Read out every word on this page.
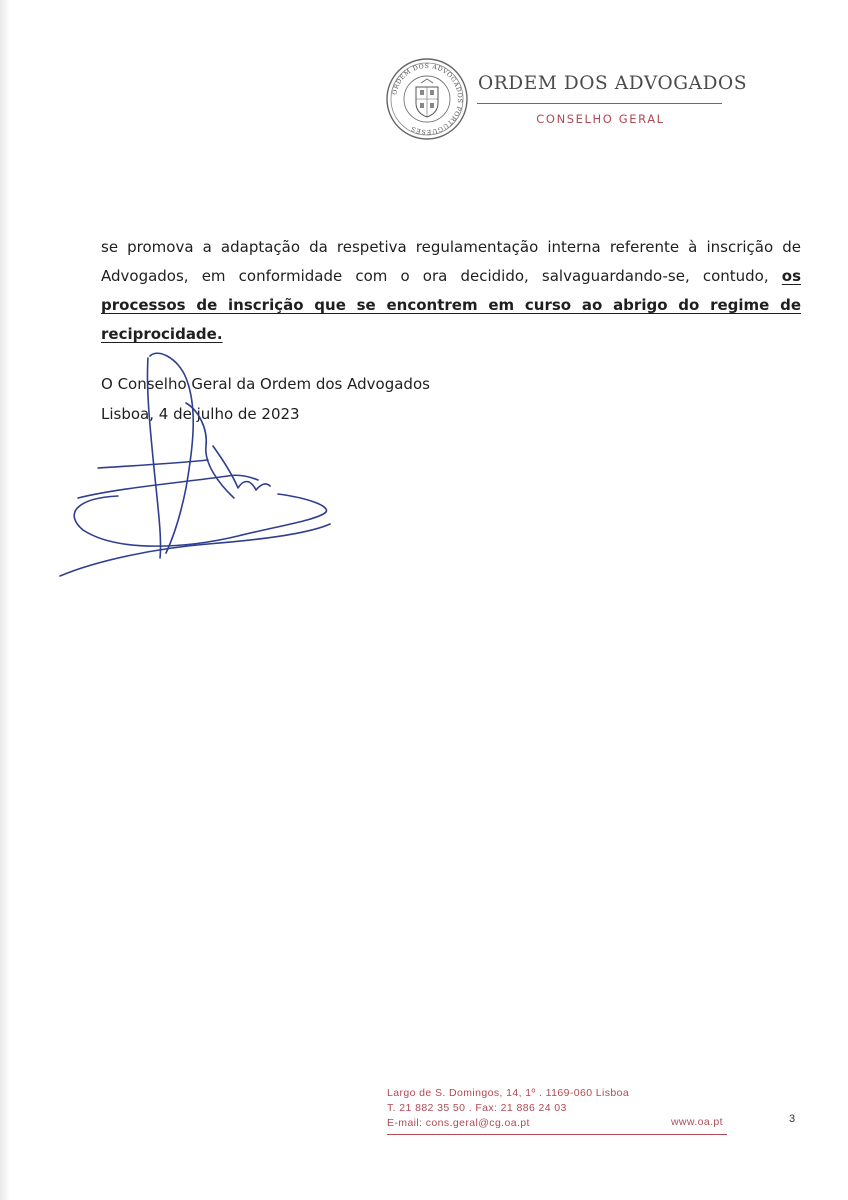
ORDEM DOS ADVOGADOS PORTUGUESES
ORDEM DOS ADVOGADOS
CONSELHO GERAL

se promova a adaptação da respetiva regulamentação interna referente à inscrição de Advogados, em conformidade com o ora decidido, salvaguardando-se, contudo, os processos de inscrição que se encontrem em curso ao abrigo do regime de reciprocidade.

O Conselho Geral da Ordem dos Advogados
Lisboa, 4 de julho de 2023
Largo de S. Domingos, 14, 1º . 1169-060 Lisboa
T. 21 882 35 50 . Fax: 21 886 24 03
E-mail: cons.geral@cg.oa.pt	www.oa.pt	3
